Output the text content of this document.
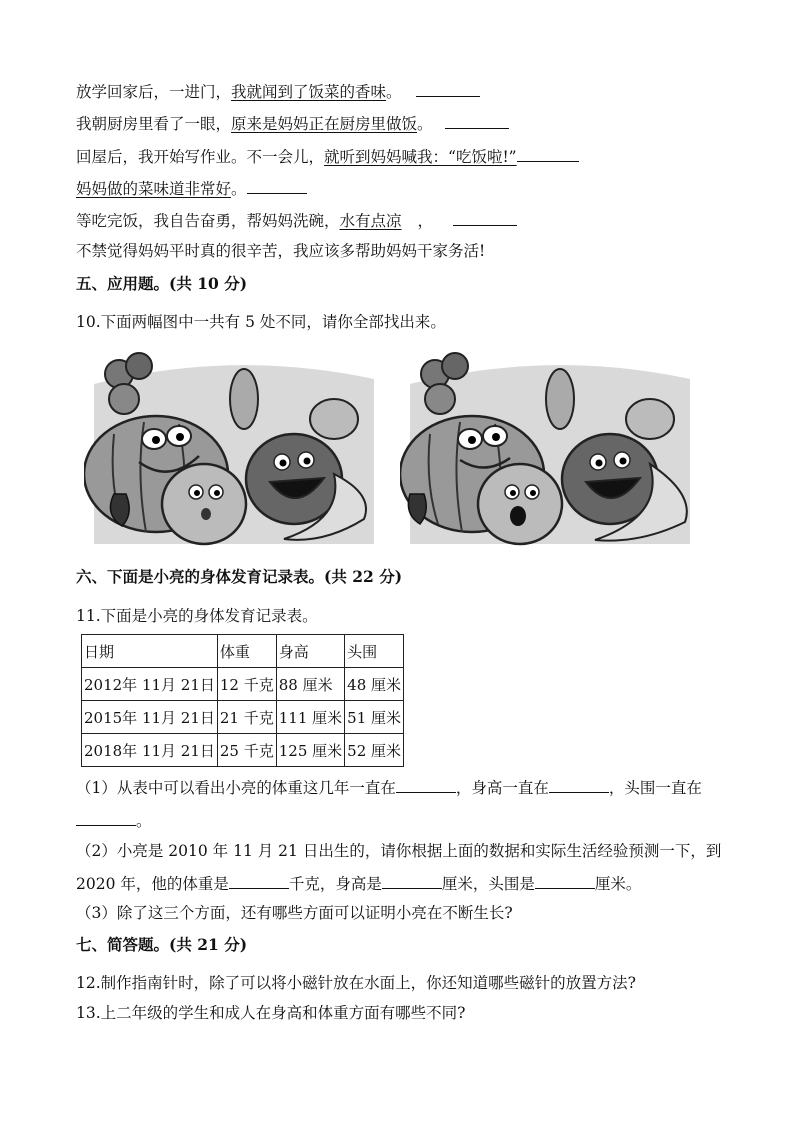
放学回家后，一进门，我就闻到了饭菜的香味。
我朝厨房里看了一眼，原来是妈妈正在厨房里做饭。
回屋后，我开始写作业。不一会儿，就听到妈妈喊我：“吃饭啦!”
妈妈做的菜味道非常好。
等吃完饭，我自告奋勇，帮妈妈洗碗，水有点凉 ，
不禁觉得妈妈平时真的很辛苦，我应该多帮助妈妈干家务活!
五、应用题。(共 10 分)
10.下面两幅图中一共有 5 处不同，请你全部找出来。
六、下面是小亮的身体发育记录表。(共 22 分)
11.下面是小亮的身体发育记录表。
日期	体重	身高	头围
2012年 11月 21日	12 千克	88 厘米	48 厘米
2015年 11月 21日	21 千克	111 厘米	51 厘米
2018年 11月 21日	25 千克	125 厘米	52 厘米
（1）从表中可以看出小亮的体重这几年一直在	，身高一直在	，头围一直在
。
（2）小亮是 2010 年 11 月 21 日出生的，请你根据上面的数据和实际生活经验预测一下，到
2020 年，他的体重是	千克，身高是	厘米，头围是	厘米。
（3）除了这三个方面，还有哪些方面可以证明小亮在不断生长?
七、简答题。(共 21 分)
12.制作指南针时，除了可以将小磁针放在水面上，你还知道哪些磁针的放置方法?
13.上二年级的学生和成人在身高和体重方面有哪些不同?
